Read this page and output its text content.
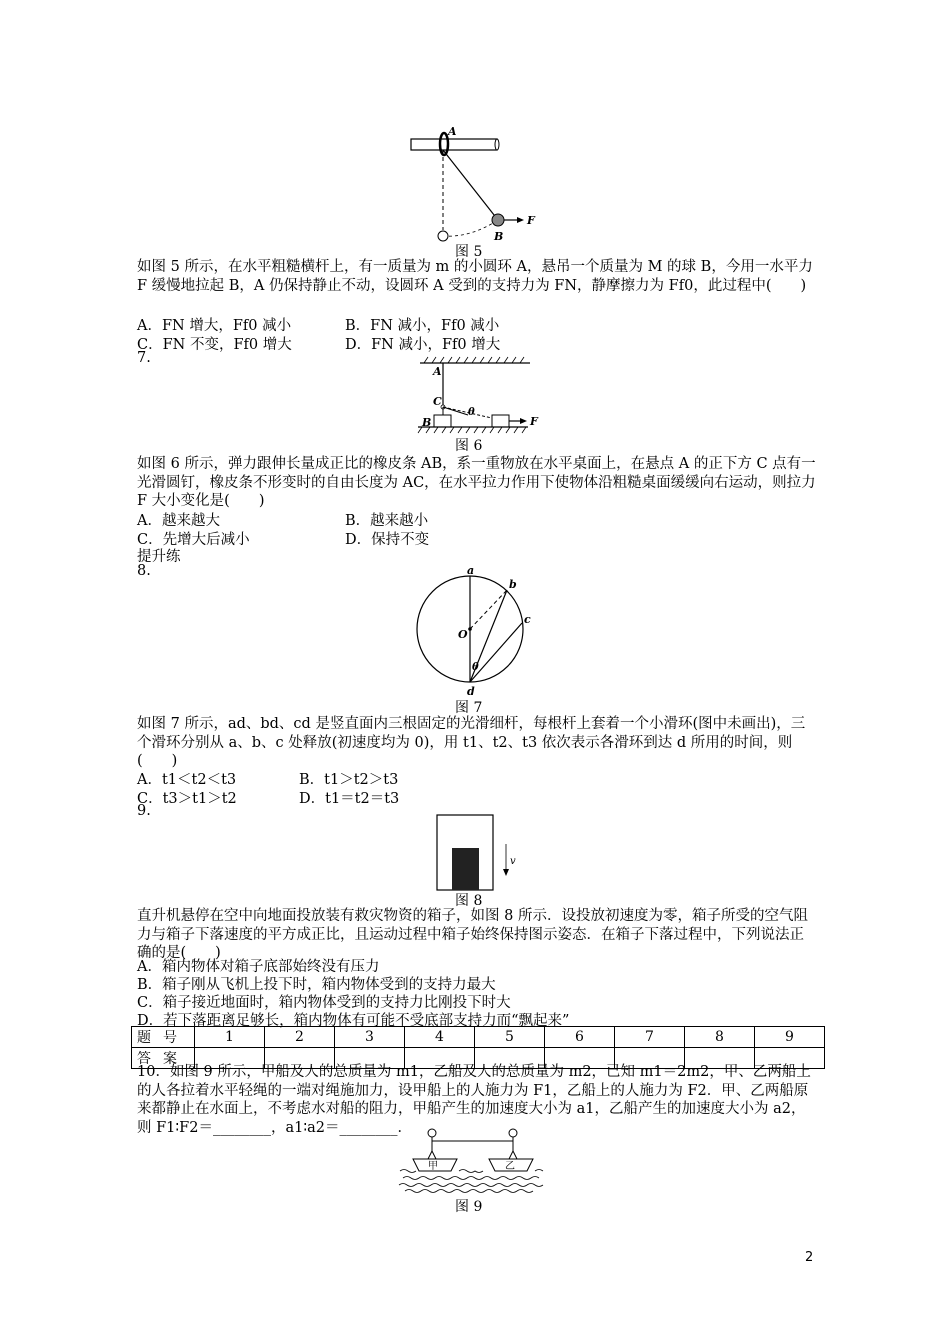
A
F
B
图 5
如图 5 所示，在水平粗糙横杆上，有一质量为 m 的小圆环 A，悬吊一个质量为 M 的球 B，今用一水平力 F 缓慢地拉起 B，A 仍保持静止不动，设圆环 A 受到的支持力为 FN，静摩擦力为 Ff0，此过程中(　　)
A．FN 增大，Ff0 减小	B．FN 减小，Ff0 减小
C．FN 不变，Ff0 增大	D．FN 减小，Ff0 增大
7.
A
C
θ
B	F
图 6
如图 6 所示，弹力跟伸长量成正比的橡皮条 AB，系一重物放在水平桌面上，在悬点 A 的正下方 C 点有一光滑圆钉，橡皮条不形变时的自由长度为 AC，在水平拉力作用下使物体沿粗糙桌面缓缓向右运动，则拉力 F 大小变化是(　　)
A．越来越大	B．越来越小
C．先增大后减小	D．保持不变
提升练
8.	a
b
c
d
O
θ
图 7
如图 7 所示，ad、bd、cd 是竖直面内三根固定的光滑细杆，每根杆上套着一个小滑环(图中未画出)，三个滑环分别从 a、b、c 处释放(初速度均为 0)，用 t1、t2、t3 依次表示各滑环到达 d 所用的时间，则(　　)
A．t1＜t2＜t3	B．t1＞t2＞t3
C．t3＞t1＞t2	D．t1＝t2＝t3
9.
v
图 8
直升机悬停在空中向地面投放装有救灾物资的箱子，如图 8 所示．设投放初速度为零，箱子所受的空气阻力与箱子下落速度的平方成正比，且运动过程中箱子始终保持图示姿态．在箱子下落过程中，下列说法正确的是(　　)
A．箱内物体对箱子底部始终没有压力
B．箱子刚从飞机上投下时，箱内物体受到的支持力最大
C．箱子接近地面时，箱内物体受到的支持力比刚投下时大
D．若下落距离足够长，箱内物体有可能不受底部支持力而“飘起来”
题号	1	2	3	4	5	6	7	8	9
答案									
10．如图 9 所示，甲船及人的总质量为 m1，乙船及人的总质量为 m2，已知 m1＝2m2，甲、乙两船上的人各拉着水平轻绳的一端对绳施加力，设甲船上的人施力为 F1，乙船上的人施力为 F2．甲、乙两船原来都静止在水面上，不考虑水对船的阻力，甲船产生的加速度大小为 a1，乙船产生的加速度大小为 a2，则 F1∶F2＝________，a1∶a2＝________．
甲	乙
图 9
2
